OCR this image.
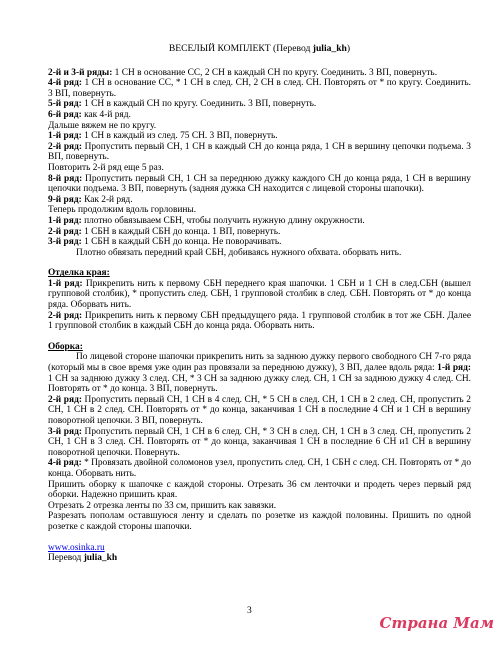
ВЕСЕЛЫЙ КОМПЛЕКТ (Перевод julia_kh)

2-й и 3-й ряды: 1 СН в основание СС, 2 СН в каждый СН по кругу. Соединить. 3 ВП, повернуть.

4-й ряд: 1 СН в основание СС, * 1 СН в след. СН, 2 СН в след. СН. Повторять от * по кругу. Соединить. 3 ВП, повернуть.

5-й ряд: 1 СН в каждый СН по кругу. Соединить. 3 ВП, повернуть.

6-й ряд: как 4-й ряд.

Дальше вяжем не по кругу.

1-й ряд: 1 СН в каждый из след. 75 СН. 3 ВП, повернуть.

2-й ряд: Пропустить первый СН, 1 СН в каждый СН до конца ряда, 1 СН в вершину цепочки подъема. 3 ВП, повернуть.

Повторить 2-й ряд еще 5 раз.

8-й ряд: Пропустить первый СН, 1 СН за переднюю дужку каждого СН до конца ряда, 1 СН в вершину цепочки подъема. 3 ВП, повернуть (задняя дужка СН находится с лицевой стороны шапочки).

9-й ряд: Как 2-й ряд.

Теперь продолжим вдоль горловины.

1-й ряд: плотно обвязываем СБН, чтобы получить нужную длину окружности.

2-й ряд: 1 СБН в каждый СБН до конца. 1 ВП, повернуть.

3-й ряд: 1 СБН в каждый СБН до конца. Не поворачивать.

Плотно обвязать передний край СБН, добиваясь нужного обхвата. оборвать нить.

Отделка края:

1-й ряд: Прикрепить нить к первому СБН переднего края шапочки. 1 СБН и 1 СН в след.СБН (вышел групповой столбик), * пропустить след. СБН, 1 групповой столбик в след. СБН. Повторять от * до конца ряда. Оборвать нить.

2-й ряд: Прикрепить нить к первому СБН предыдущего ряда. 1 групповой столбик в тот же СБН. Далее 1 групповой столбик в каждый СБН до конца ряда. Оборвать нить.

Оборка:

По лицевой стороне шапочки прикрепить нить за заднюю дужку первого свободного СН 7-го ряда (который мы в свое время уже один раз провязали за переднюю дужку), 3 ВП, далее вдоль ряда: 1-й ряд: 1 СН за заднюю дужку 3 след. СН, * 3 СН за заднюю дужку след. СН, 1 СН за заднюю дужку 4 след. СН. Повторять от * до конца. 3 ВП, повернуть.

2-й ряд: Пропустить первый СН, 1 СН в 4 след. СН, * 5 СН в след. СН, 1 СН в 2 след. СН, пропустить 2 СН, 1 СН в 2 след. СН. Повторять от * до конца, заканчивая 1 СН в последние 4 СН и 1 СН в вершину поворотной цепочки. 3 ВП, повернуть.

3-й ряд: Пропустить первый СН, 1 СН в 6 след. СН, * 3 СН в след. СН, 1 СН в 3 след. СН, пропустить 2 СН, 1 СН в 3 след. СН. Повторять от * до конца, заканчивая 1 СН в последние 6 СН и1 СН в вершину поворотной цепочки. Повернуть.

4-й ряд: * Провязать двойной соломонов узел, пропустить след. СН, 1 СБН с след. СН. Повторять от * до конца. Оборвать нить.

Пришить оборку к шапочке с каждой стороны. Отрезать 36 см ленточки и продеть через первый ряд оборки. Надежно пришить края.

Отрезать 2 отрезка ленты по 33 см, пришить как завязки.

Разрезать пополам оставшуюся ленту и сделать по розетке из каждой половины. Пришить по одной розетке с каждой стороны шапочки.

www.osinka.ru

Перевод julia_kh

3
Страна Мам
